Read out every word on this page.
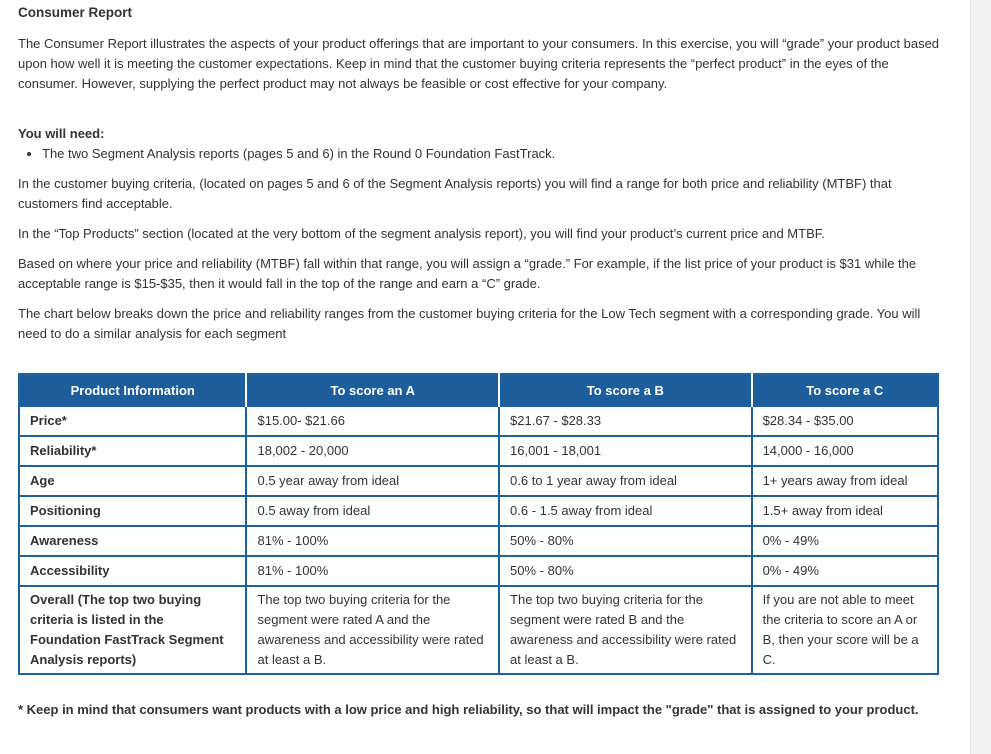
Consumer Report

The Consumer Report illustrates the aspects of your product offerings that are important to your consumers. In this exercise, you will “grade” your product based upon how well it is meeting the customer expectations. Keep in mind that the customer buying criteria represents the “perfect product” in the eyes of the consumer. However, supplying the perfect product may not always be feasible or cost effective for your company.

You will need:

• The two Segment Analysis reports (pages 5 and 6) in the Round 0 Foundation FastTrack.

In the customer buying criteria, (located on pages 5 and 6 of the Segment Analysis reports) you will find a range for both price and reliability (MTBF) that customers find acceptable.

In the “Top Products” section (located at the very bottom of the segment analysis report), you will find your product’s current price and MTBF.

Based on where your price and reliability (MTBF) fall within that range, you will assign a “grade.” For example, if the list price of your product is $31 while the acceptable range is $15-$35, then it would fall in the top of the range and earn a “C” grade.

The chart below breaks down the price and reliability ranges from the customer buying criteria for the Low Tech segment with a corresponding grade. You will need to do a similar analysis for each segment

Product Information	To score an A	To score a B	To score a C
Price*	$15.00- $21.66	$21.67 - $28.33	$28.34 - $35.00
Reliability*	18,002 - 20,000	16,001 - 18,001	14,000 - 16,000
Age	0.5 year away from ideal	0.6 to 1 year away from ideal	1+ years away from ideal
Positioning	0.5 away from ideal	0.6 - 1.5 away from ideal	1.5+ away from ideal
Awareness	81% - 100%	50% - 80%	0% - 49%
Accessibility	81% - 100%	50% - 80%	0% - 49%
Overall (The top two buying criteria is listed in the Foundation FastTrack Segment Analysis reports)	The top two buying criteria for the segment were rated A and the awareness and accessibility were rated at least a B.	The top two buying criteria for the segment were rated B and the awareness and accessibility were rated at least a B.	If you are not able to meet the criteria to score an A or B, then your score will be a C.

* Keep in mind that consumers want products with a low price and high reliability, so that will impact the "grade" that is assigned to your product.
